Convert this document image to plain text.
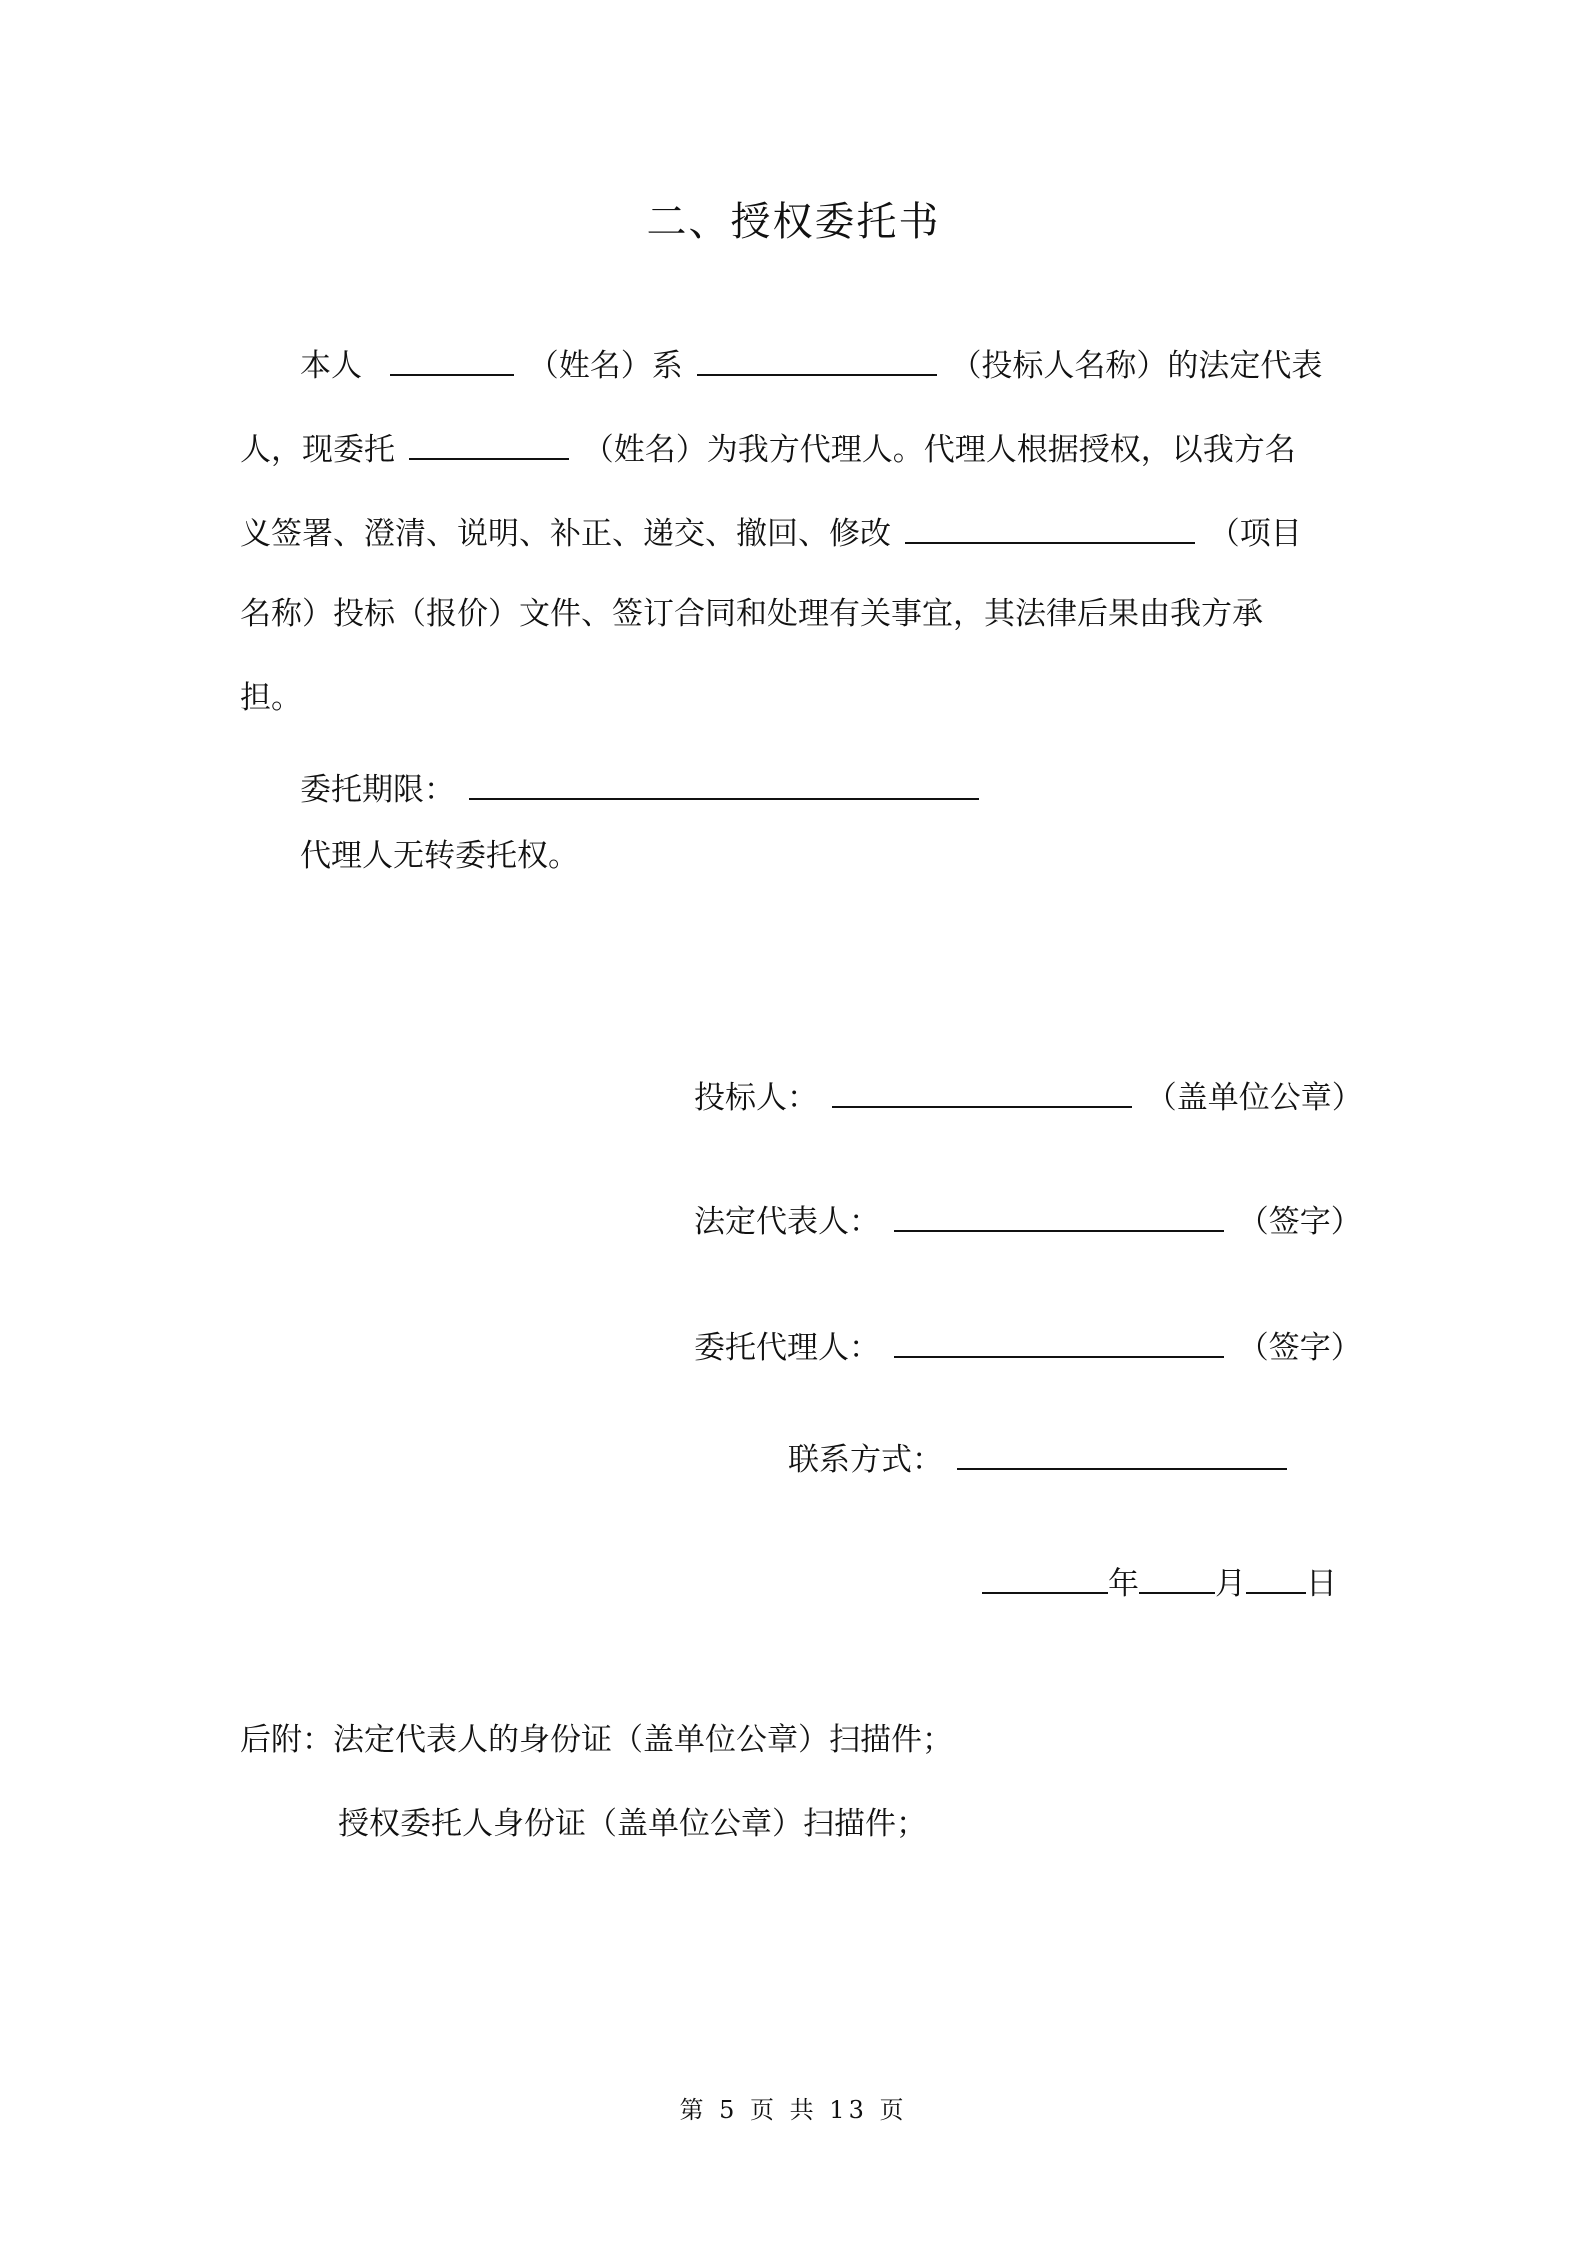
二、授权委托书
本人	（姓名）系	（投标人名称）的法定代表
人，现委托	（姓名）为我方代理人。代理人根据授权，以我方名
义签署、澄清、说明、补正、递交、撤回、修改	（项目
名称）投标（报价）文件、签订合同和处理有关事宜，其法律后果由我方承
担。
委托期限：
代理人无转委托权。
投标人：	（盖单位公章）
法定代表人：	（签字）
委托代理人：	（签字）
联系方式：
年 月 日
后附：法定代表人的身份证（盖单位公章）扫描件；
授权委托人身份证（盖单位公章）扫描件；
第 5 页 共 13 页
